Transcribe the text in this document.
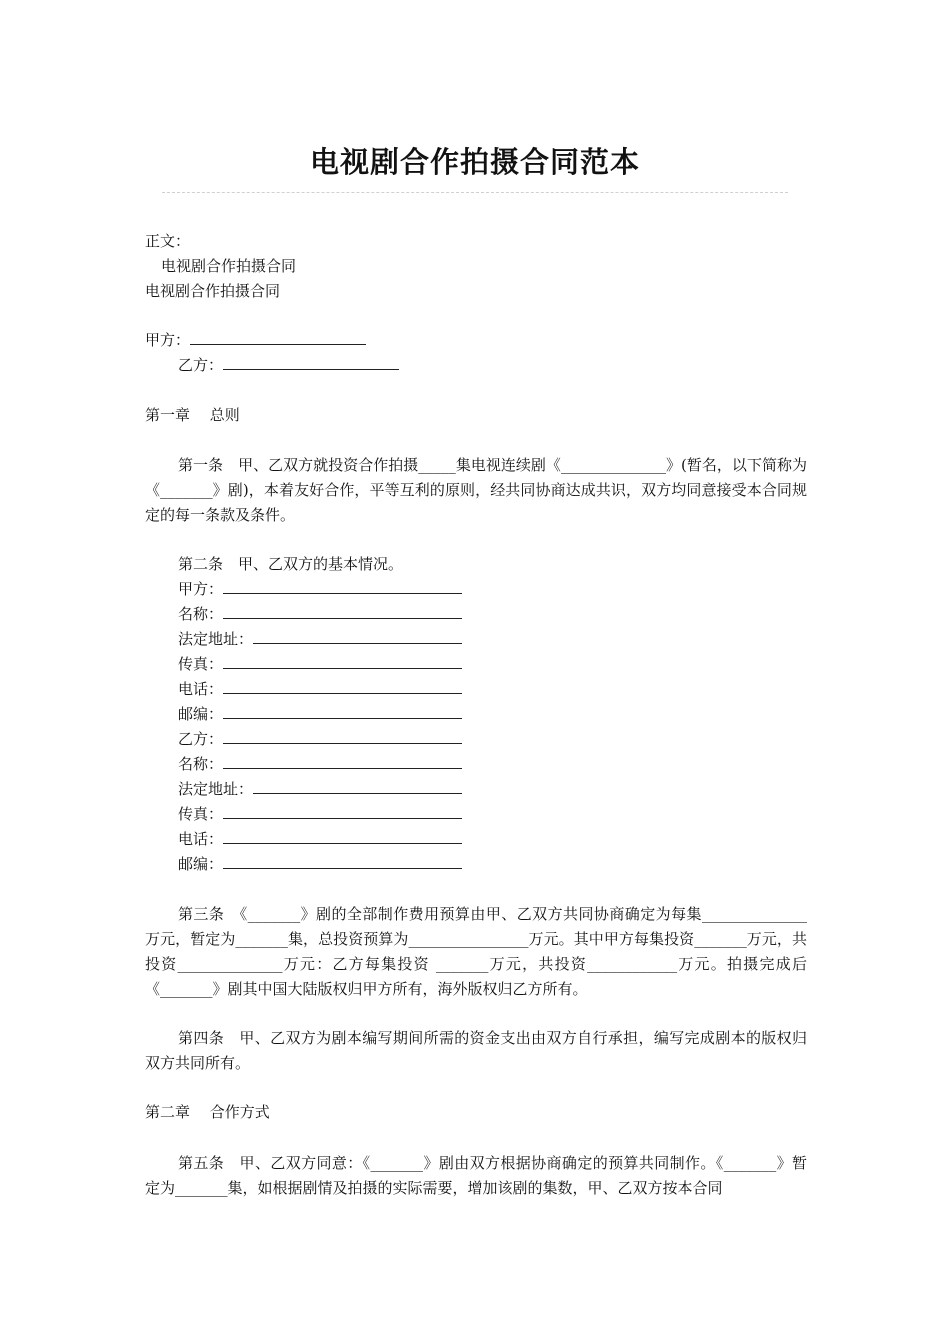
电视剧合作拍摄合同范本
正文：
电视剧合作拍摄合同
电视剧合作拍摄合同
甲方：
乙方：
第一章　 总则
第一条　甲、乙双方就投资合作拍摄_____集电视连续剧《______________》(暂名，以下简称为《_______》剧)，本着友好合作，平等互利的原则，经共同协商达成共识，双方均同意接受本合同规定的每一条款及条件。
第二条　甲、乙双方的基本情况。
甲方：
名称：
法定地址：
传真：
电话：
邮编：
乙方：
名称：
法定地址：
传真：
电话：
邮编：
第三条　《_______》剧的全部制作费用预算由甲、乙双方共同协商确定为每集______________万元，暂定为_______集，总投资预算为________________万元。其中甲方每集投资_______万元，共投资______________万元：乙方每集投资 _______万元，共投资____________万元。拍摄完成后《_______》剧其中国大陆版权归甲方所有，海外版权归乙方所有。
第四条　甲、乙双方为剧本编写期间所需的资金支出由双方自行承担，编写完成剧本的版权归双方共同所有。
第二章　 合作方式
第五条　甲、乙双方同意：《_______》剧由双方根据协商确定的预算共同制作。《_______》暂定为_______集，如根据剧情及拍摄的实际需要，增加该剧的集数，甲、乙双方按本合同
